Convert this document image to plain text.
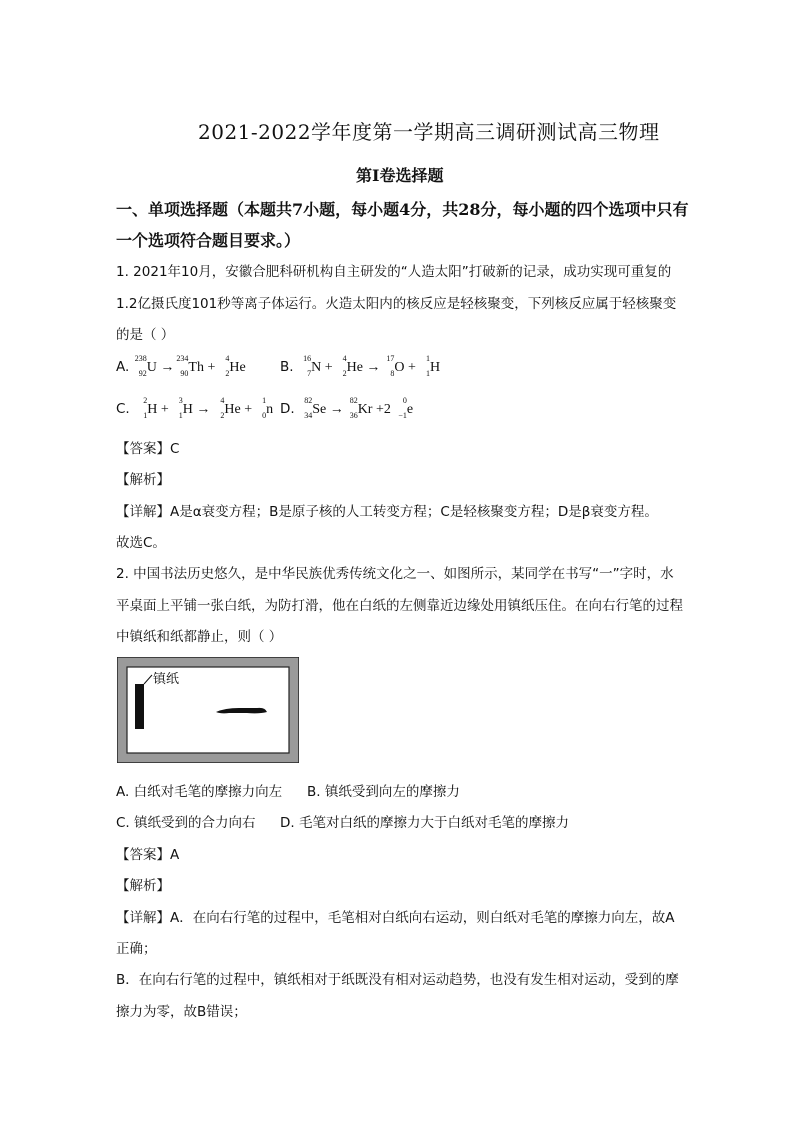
2021-2022学年度第一学期高三调研测试高三物理
第Ⅰ卷选择题
一、单项选择题（本题共7小题，每小题4分，共28分，每小题的四个选项中只有
一个选项符合题目要求。）
1. 2021年10月，安徽合肥科研机构自主研发的“人造太阳”打破新的记录，成功实现可重复的
1.2亿摄氏度101秒等离子体运行。火造太阳内的核反应是轻核聚变，下列核反应属于轻核聚变
的是（ ）
A.
238
92 U →
234
90 Th +
4
2 He	B.
16
7 N +
4
2 He →
17
8 O +
1
1 H
C.
2
1 H +
3
1 H →
4
2 He +
1
0 n D.
82
34 Se →
82
36 Kr +2
0
−1 e
【答案】C
【解析】
【详解】A是α衰变方程；B是原子核的人工转变方程；C是轻核聚变方程；D是β衰变方程。
故选C。
2. 中国书法历史悠久，是中华民族优秀传统文化之一、如图所示，某同学在书写“一”字时，水
平桌面上平铺一张白纸，为防打滑，他在白纸的左侧靠近边缘处用镇纸压住。在向右行笔的过程
中镇纸和纸都静止，则（ ）
镇纸
A. 白纸对毛笔的摩擦力向左 B. 镇纸受到向左的摩擦力
C. 镇纸受到的合力向右 D. 毛笔对白纸的摩擦力大于白纸对毛笔的摩擦力
【答案】A
【解析】
【详解】A．在向右行笔的过程中，毛笔相对白纸向右运动，则白纸对毛笔的摩擦力向左，故A
正确；
B．在向右行笔的过程中，镇纸相对于纸既没有相对运动趋势，也没有发生相对运动，受到的摩
擦力为零，故B错误；
